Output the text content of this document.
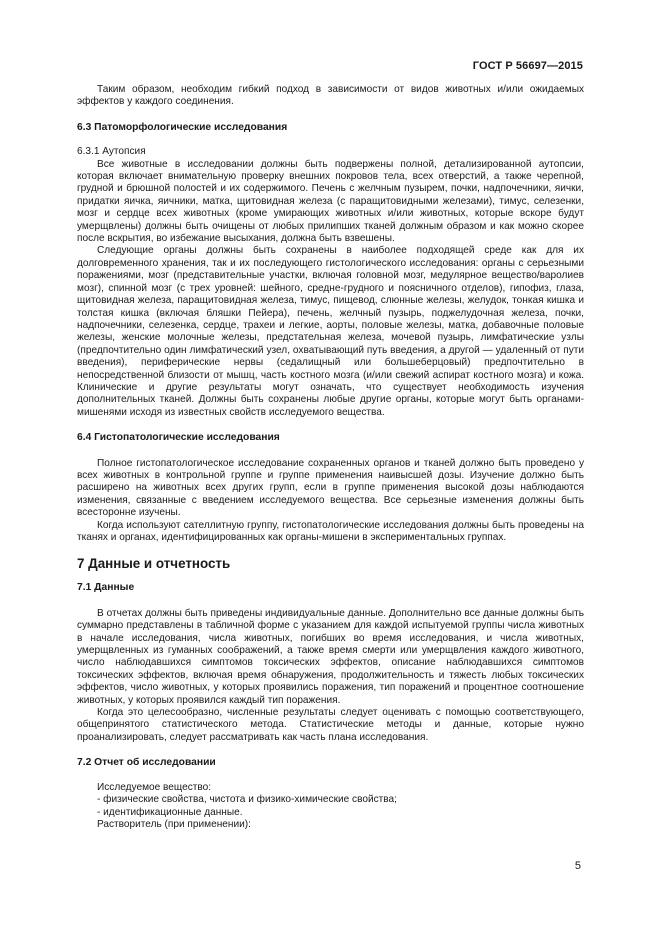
ГОСТ Р 56697—2015

Таким образом, необходим гибкий подход в зависимости от видов животных и/или ожидаемых эффектов у каждого соединения.

6.3 Патоморфологические исследования

6.3.1 Аутопсия

Все животные в исследовании должны быть подвержены полной, детализированной аутопсии, которая включает внимательную проверку внешних покровов тела, всех отверстий, а также черепной, грудной и брюшной полостей и их содержимого. Печень с желчным пузырем, почки, надпочечники, яички, придатки яичка, яичники, матка, щитовидная железа (с паращитовидными железами), тимус, селезенки, мозг и сердце всех животных (кроме умирающих животных и/или животных, которые вскоре будут умерщвлены) должны быть очищены от любых прилипших тканей должным образом и как можно скорее после вскрытия, во избежание высыхания, должна быть взвешены.

Следующие органы должны быть сохранены в наиболее подходящей среде как для их долговременного хранения, так и их последующего гистологического исследования: органы с серьезными поражениями, мозг (представительные участки, включая головной мозг, медулярное вещество/варолиев мозг), спинной мозг (с трех уровней: шейного, средне-грудного и поясничного отделов), гипофиз, глаза, щитовидная железа, паращитовидная железа, тимус, пищевод, слюнные железы, желудок, тонкая кишка и толстая кишка (включая бляшки Пейера), печень, желчный пузырь, поджелудочная железа, почки, надпочечники, селезенка, сердце, трахеи и легкие, аорты, половые железы, матка, добавочные половые железы, женские молочные железы, предстательная железа, мочевой пузырь, лимфатические узлы (предпочтительно один лимфатический узел, охватывающий путь введения, а другой — удаленный от пути введения), периферические нервы (седалищный или большеберцовый) предпочтительно в непосредственной близости от мышц, часть костного мозга (и/или свежий аспират костного мозга) и кожа. Клинические и другие результаты могут означать, что существует необходимость изучения дополнительных тканей. Должны быть сохранены любые другие органы, которые могут быть органами-мишенями исходя из известных свойств исследуемого вещества.

6.4 Гистопатологические исследования

Полное гистопатологическое исследование сохраненных органов и тканей должно быть проведено у всех животных в контрольной группе и группе применения наивысшей дозы. Изучение должно быть расширено на животных всех других групп, если в группе применения высокой дозы наблюдаются изменения, связанные с введением исследуемого вещества. Все серьезные изменения должны быть всесторонне изучены.

Когда используют сателлитную группу, гистопатологические исследования должны быть проведены на тканях и органах, идентифицированных как органы-мишени в экспериментальных группах.

7 Данные и отчетность

7.1 Данные

В отчетах должны быть приведены индивидуальные данные. Дополнительно все данные должны быть суммарно представлены в табличной форме с указанием для каждой испытуемой группы числа животных в начале исследования, числа животных, погибших во время исследования, и числа животных, умерщвленных из гуманных соображений, а также время смерти или умерщвления каждого животного, число наблюдавшихся симптомов токсических эффектов, описание наблюдавшихся симптомов токсических эффектов, включая время обнаружения, продолжительность и тяжесть любых токсических эффектов, число животных, у которых проявились поражения, тип поражений и процентное соотношение животных, у которых проявился каждый тип поражения.

Когда это целесообразно, численные результаты следует оценивать с помощью соответствующего, общепринятого статистического метода. Статистические методы и данные, которые нужно проанализировать, следует рассматривать как часть плана исследования.

7.2 Отчет об исследовании

Исследуемое вещество:

- физические свойства, чистота и физико-химические свойства;

- идентификационные данные.

Растворитель (при применении):

5
